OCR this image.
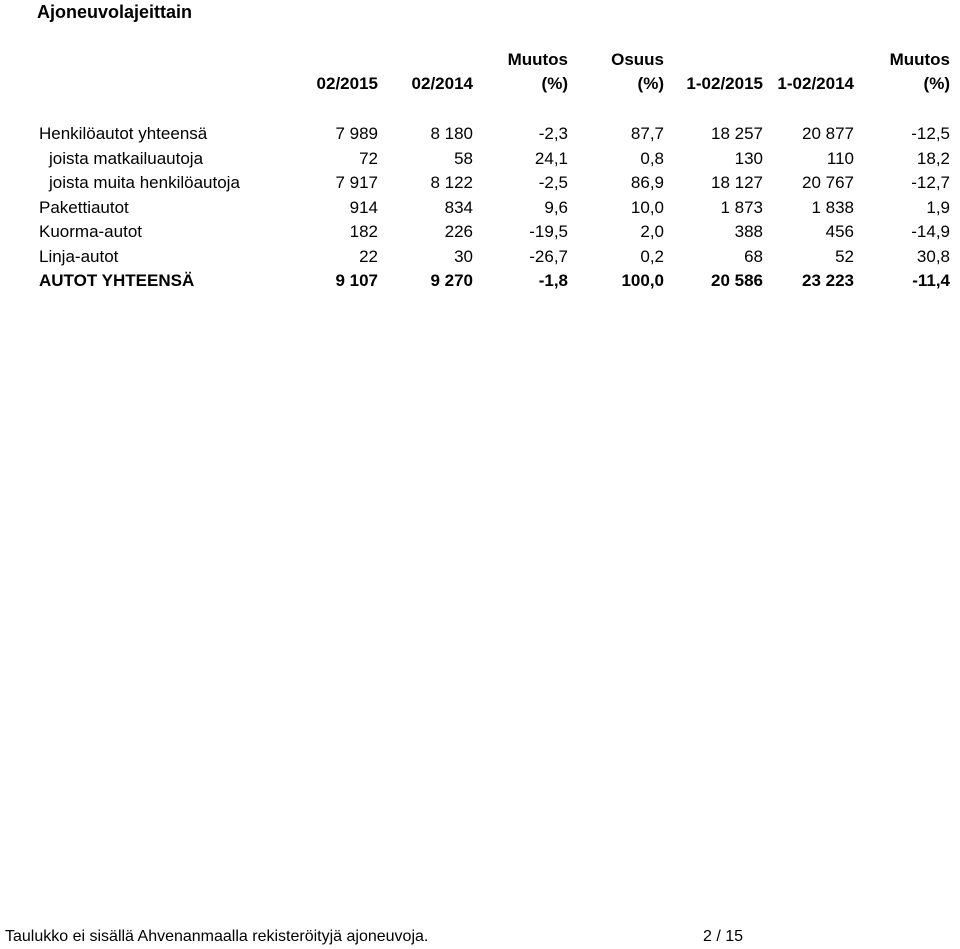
Ajoneuvolajeittain
			Muutos	Osuus			Muutos
	02/2015	02/2014	(%)	(%)	1-02/2015	1-02/2014	(%)

Henkilöautot yhteensä	7 989	8 180	-2,3	87,7	18 257	20 877	-12,5
joista matkailuautoja	72	58	24,1	0,8	130	110	18,2
joista muita henkilöautoja	7 917	8 122	-2,5	86,9	18 127	20 767	-12,7
Pakettiautot	914	834	9,6	10,0	1 873	1 838	1,9
Kuorma-autot	182	226	-19,5	2,0	388	456	-14,9
Linja-autot	22	30	-26,7	0,2	68	52	30,8
AUTOT YHTEENSÄ	9 107	9 270	-1,8	100,0	20 586	23 223	-11,4
Taulukko ei sisällä Ahvenanmaalla rekisteröityjä ajoneuvoja.	2 / 15
